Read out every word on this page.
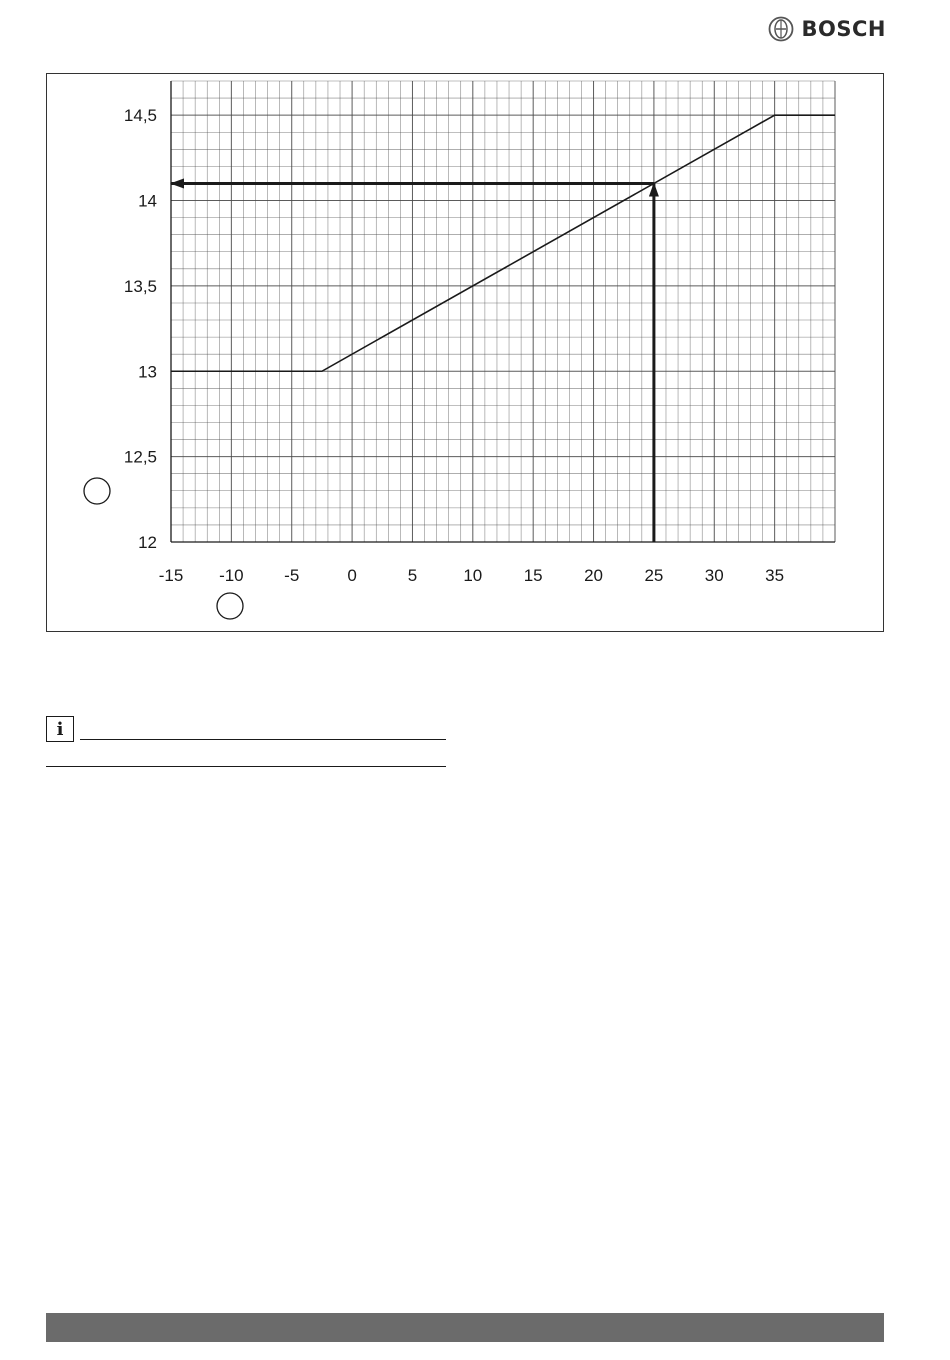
BOSCH
12
12,5
13
13,5
14
14,5
-15 -10 -5	0	5	10 15 20 25 30 35
i
